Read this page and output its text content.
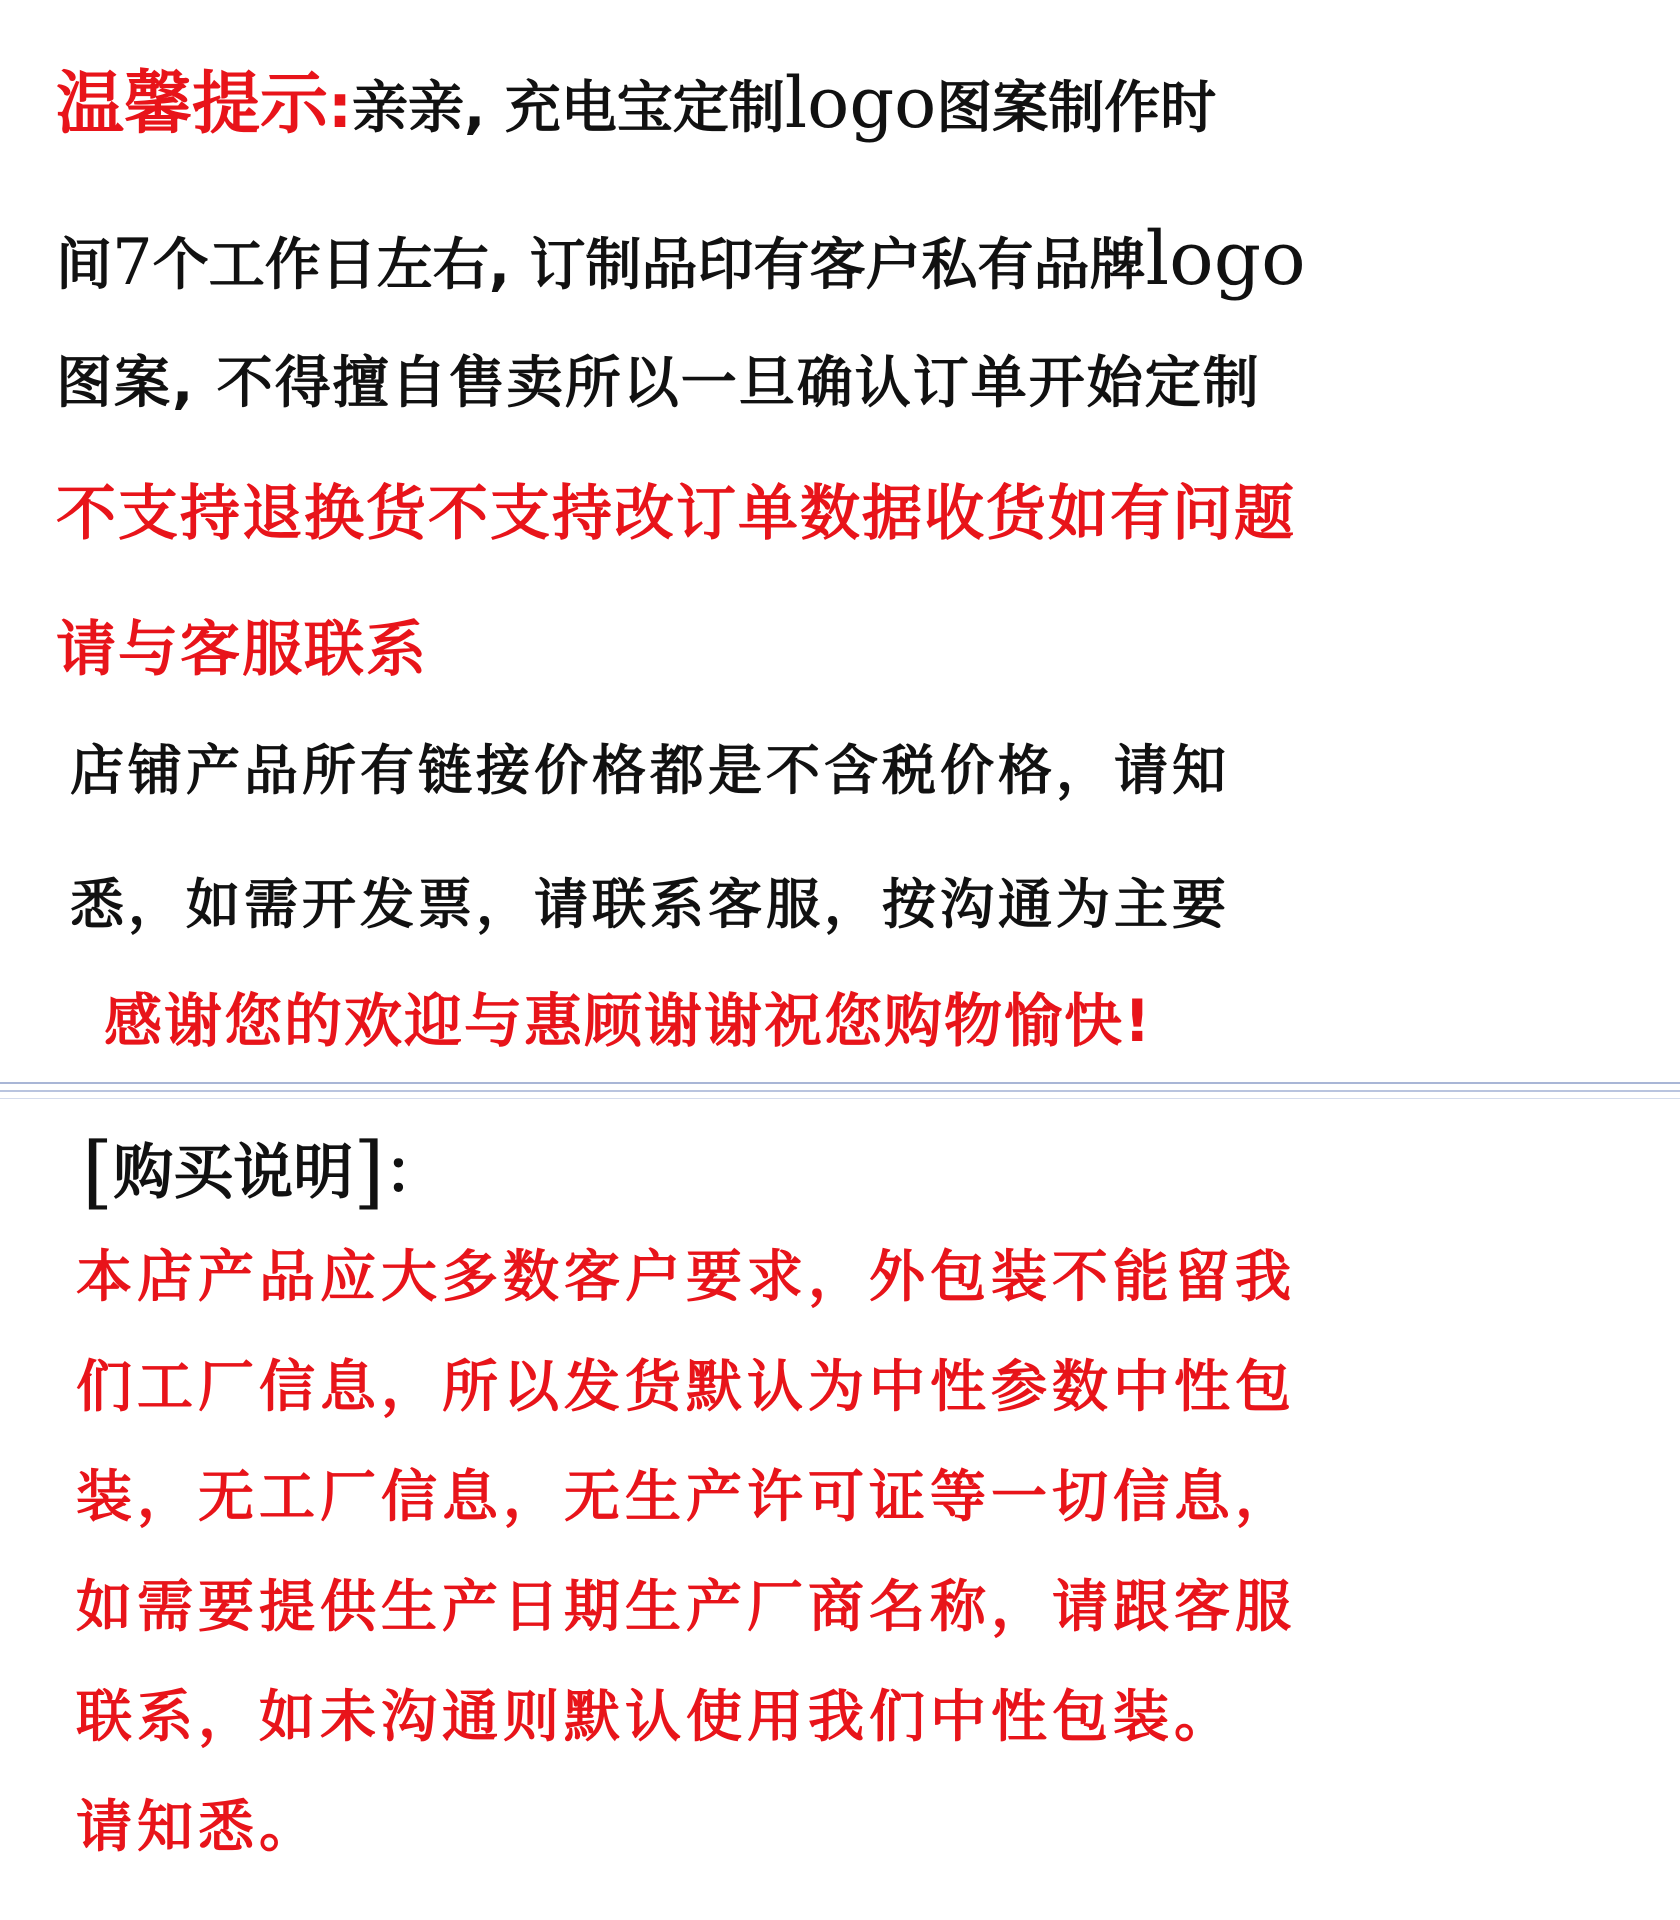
温馨提示:亲亲, 充电宝定制logo图案制作时
间7个工作日左右, 订制品印有客户私有品牌logo
图案, 不得擅自售卖所以一旦确认订单开始定制
不支持退换货不支持改订单数据收货如有问题
请与客服联系
店铺产品所有链接价格都是不含税价格，请知
悉，如需开发票，请联系客服，按沟通为主要
感谢您的欢迎与惠顾谢谢祝您购物愉快!
[购买说明]：
本店产品应大多数客户要求，外包装不能留我
们工厂信息，所以发货默认为中性参数中性包
装，无工厂信息，无生产许可证等一切信息，
如需要提供生产日期生产厂商名称，请跟客服
联系，如未沟通则默认使用我们中性包装。
请知悉。
